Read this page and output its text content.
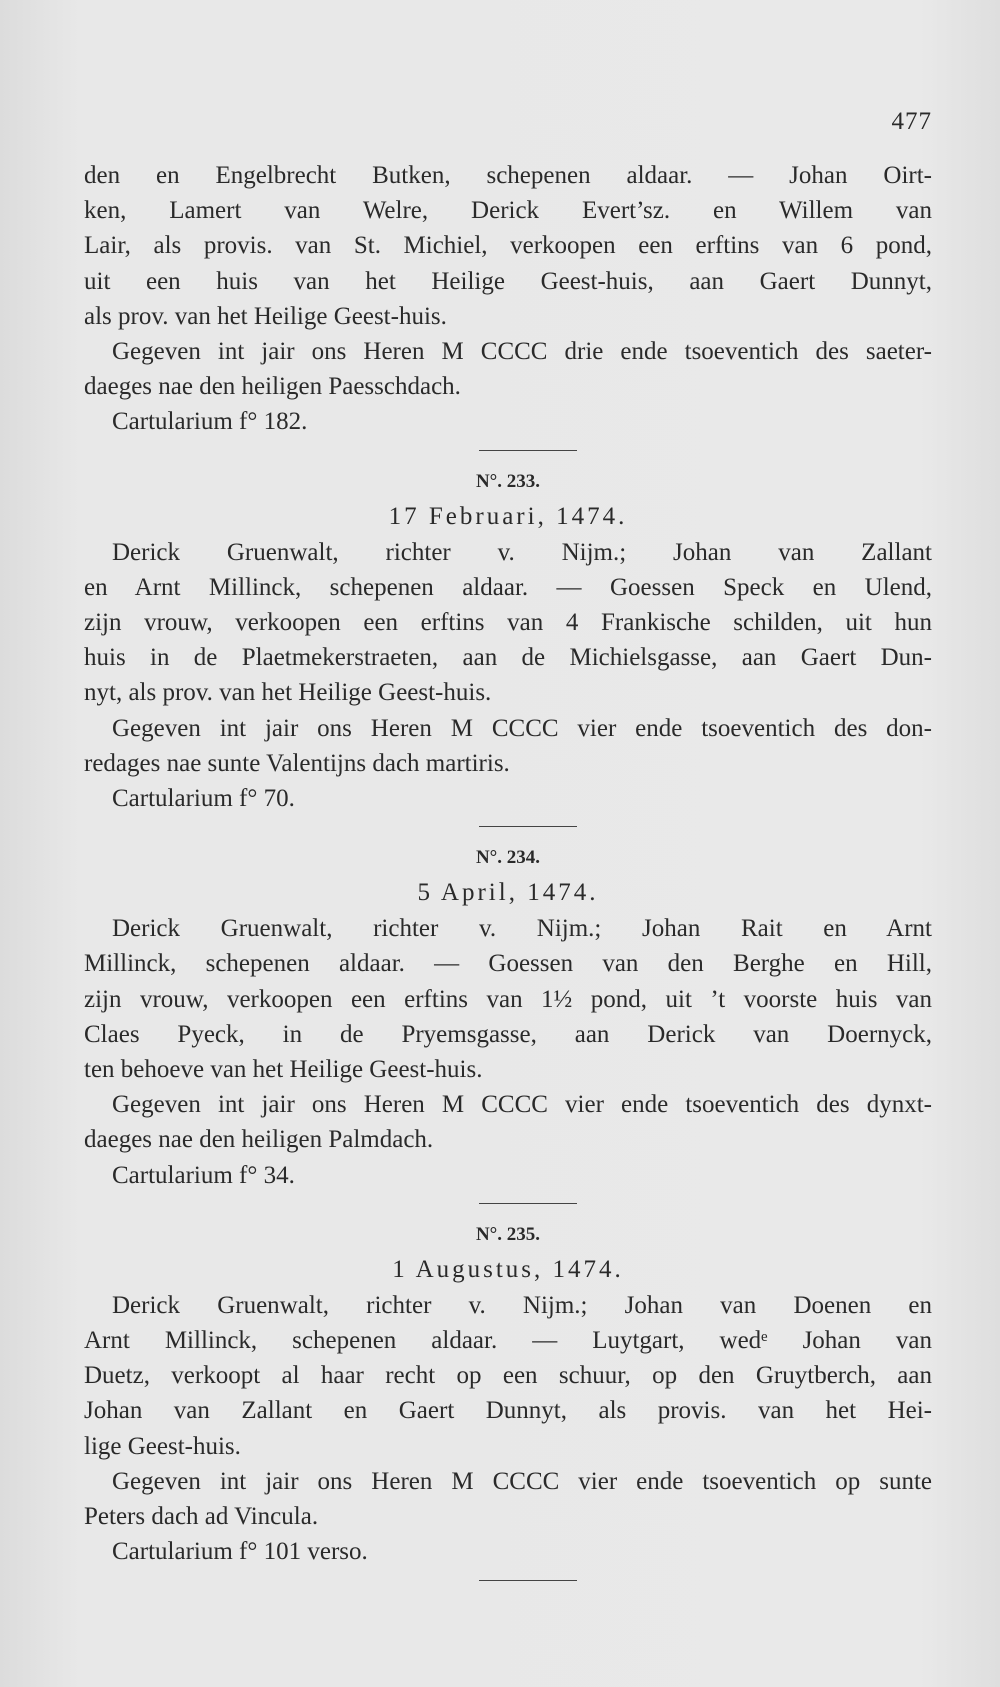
477

den en Engelbrecht Butken, schepenen aldaar. — Johan Oirt-
ken, Lamert van Welre, Derick Evert’sz. en Willem van
Lair, als provis. van St. Michiel, verkoopen een erftins van 6 pond,
uit een huis van het Heilige Geest-huis, aan Gaert Dunnyt,
als prov. van het Heilige Geest-huis.

Gegeven int jair ons Heren M CCCC drie ende tsoeventich des saeter-
daeges nae den heiligen Paesschdach.

Cartularium f° 182.

N°. 233.
17 Februari, 1474.

Derick Gruenwalt, richter v. Nijm.; Johan van Zallant
en Arnt Millinck, schepenen aldaar. — Goessen Speck en Ulend,
zijn vrouw, verkoopen een erftins van 4 Frankische schilden, uit hun
huis in de Plaetmekerstraeten, aan de Michielsgasse, aan Gaert Dun-
nyt, als prov. van het Heilige Geest-huis.

Gegeven int jair ons Heren M CCCC vier ende tsoeventich des don-
redages nae sunte Valentijns dach martiris.

Cartularium f° 70.

N°. 234.
5 April, 1474.

Derick Gruenwalt, richter v. Nijm.; Johan Rait en Arnt
Millinck, schepenen aldaar. — Goessen van den Berghe en Hill,
zijn vrouw, verkoopen een erftins van 1½ pond, uit ’t voorste huis van
Claes Pyeck, in de Pryemsgasse, aan Derick van Doernyck,
ten behoeve van het Heilige Geest-huis.

Gegeven int jair ons Heren M CCCC vier ende tsoeventich des dynxt-
daeges nae den heiligen Palmdach.

Cartularium f° 34.

N°. 235.
1 Augustus, 1474.

Derick Gruenwalt, richter v. Nijm.; Johan van Doenen en
Arnt Millinck, schepenen aldaar. — Luytgart, wedᵉ Johan van
Duetz, verkoopt al haar recht op een schuur, op den Gruytberch, aan
Johan van Zallant en Gaert Dunnyt, als provis. van het Hei-
lige Geest-huis.

Gegeven int jair ons Heren M CCCC vier ende tsoeventich op sunte
Peters dach ad Vincula.

Cartularium f° 101 verso.
